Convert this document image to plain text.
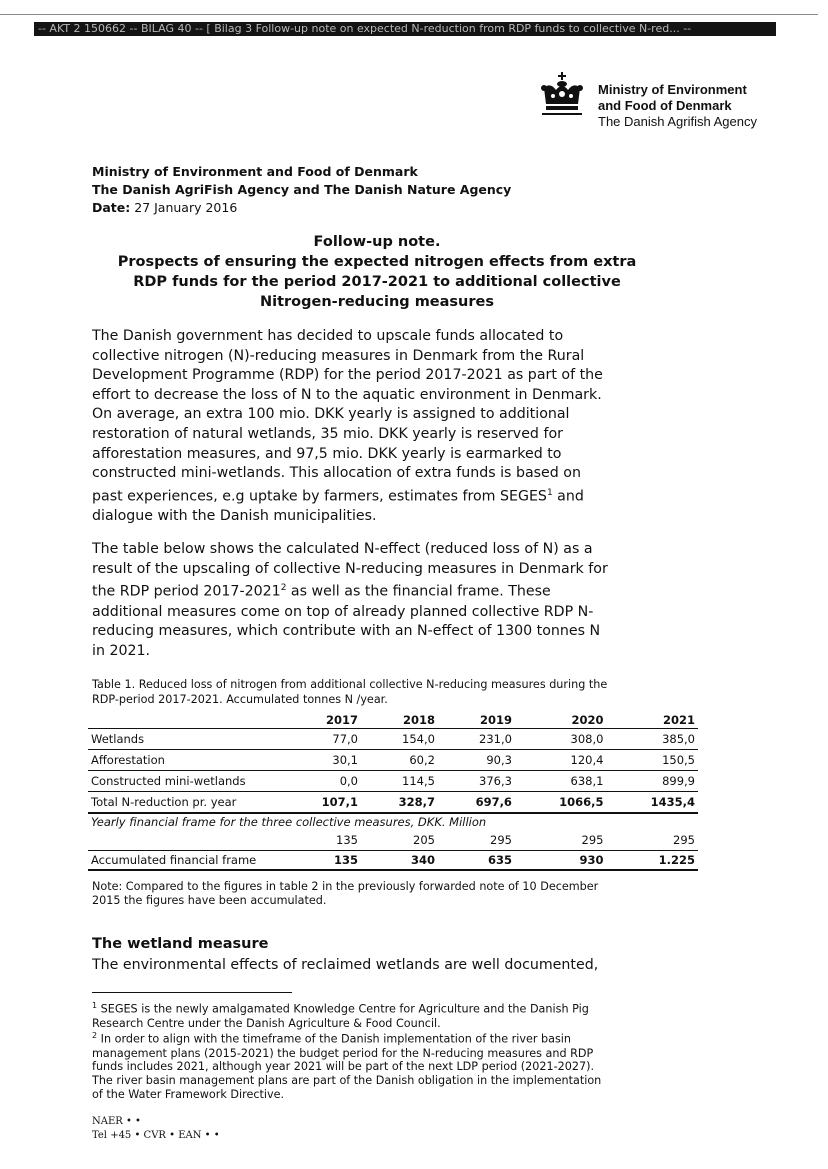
-- AKT 2 150662 -- BILAG 40 -- [ Bilag 3 Follow-up note on expected N-reduction from RDP funds to collective N-red... --
Ministry of Environment
and Food of Denmark
The Danish Agrifish Agency
Ministry of Environment and Food of Denmark
The Danish AgriFish Agency and The Danish Nature Agency
Date: 27 January 2016
Follow-up note.
Prospects of ensuring the expected nitrogen effects from extra
RDP funds for the period 2017-2021 to additional collective
Nitrogen-reducing measures
The Danish government has decided to upscale funds allocated to collective nitrogen (N)-reducing measures in Denmark from the Rural Development Programme (RDP) for the period 2017-2021 as part of the effort to decrease the loss of N to the aquatic environment in Denmark. On average, an extra 100 mio. DKK yearly is assigned to additional restoration of natural wetlands, 35 mio. DKK yearly is reserved for afforestation measures, and 97,5 mio. DKK yearly is earmarked to constructed mini-wetlands. This allocation of extra funds is based on past experiences, e.g uptake by farmers, estimates from SEGES$^1$ and dialogue with the Danish municipalities.
The table below shows the calculated N-effect (reduced loss of N) as a result of the upscaling of collective N-reducing measures in Denmark for the RDP period 2017-2021$^2$ as well as the financial frame. These additional measures come on top of already planned collective RDP N-reducing measures, which contribute with an N-effect of 1300 tonnes N in 2021.
Table 1. Reduced loss of nitrogen from additional collective N-reducing measures during the RDP-period 2017-2021. Accumulated tonnes N /year.
	2017	2018	2019	2020	2021
Wetlands	77,0	154,0	231,0	308,0	385,0
Afforestation	30,1	60,2	90,3	120,4	150,5
Constructed mini-wetlands	0,0	114,5	376,3	638,1	899,9
Total N-reduction pr. year	107,1	328,7	697,6	1066,5	1435,4
Yearly financial frame for the three collective measures, DKK. Million					
	135	205	295	295	295
Accumulated financial frame	135	340	635	930	1.225
Note: Compared to the figures in table 2 in the previously forwarded note of 10 December 2015 the figures have been accumulated.
The wetland measure
The environmental effects of reclaimed wetlands are well documented,
$^1$ SEGES is the newly amalgamated Knowledge Centre for Agriculture and the Danish Pig Research Centre under the Danish Agriculture & Food Council.
$^2$ In order to align with the timeframe of the Danish implementation of the river basin management plans (2015-2021) the budget period for the N-reducing measures and RDP funds includes 2021, although year 2021 will be part of the next LDP period (2021-2027). The river basin management plans are part of the Danish obligation in the implementation of the Water Framework Directive.
NAER • •
Tel +45 • CVR • EAN • •
